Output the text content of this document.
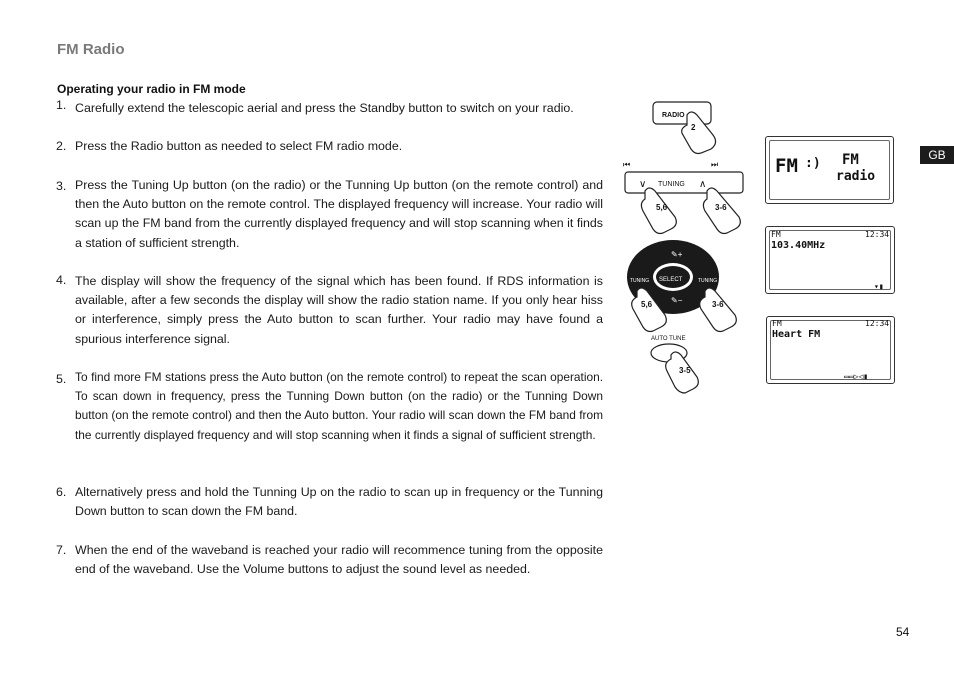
FM Radio
Operating your radio in FM mode
1. Carefully extend the telescopic aerial and press the Standby button to switch on your radio.
2. Press the Radio button as needed to select FM radio mode.
3. Press the Tuning Up button (on the radio) or the Tunning Up button (on the remote control) and then the Auto button on the remote control. The displayed frequency will increase. Your radio will scan up the FM band from the currently displayed frequency and will stop scanning when it finds a station of sufficient strength.
4. The display will show the frequency of the signal which has been found. If RDS information is available, after a few seconds the display will show the radio station name. If you only hear hiss or interference, simply press the Auto button to scan further. Your radio may have found a spurious interference signal.
5. To find more FM stations press the Auto button (on the remote control) to repeat the scan operation. To scan down in frequency, press the Tunning Down button (on the radio) or the Tunning Down button (on the remote control) and then the Auto button. Your radio will scan down the FM band from the currently displayed frequency and will stop scanning when it finds a signal of sufficient strength.
6. Alternatively press and hold the Tunning Up on the radio to scan up in frequency or the Tunning Down button to scan down the FM band.
7. When the end of the waveband is reached your radio will recommence tuning from the opposite end of the waveband. Use the Volume buttons to adjust the sound level as needed.
RADIO
2
⏮	⏭
∨ TUNING ∧
5,6	3-6
SELECT
TUNING	TUNING
✎+
✎−
5,6	3-6
AUTO TUNE
3-5
FM :) FM
radio
FM	12:34
103.40MHz
▾▮
FM	12:34
Heart FM
▭▭▷◁▮
GB
54
